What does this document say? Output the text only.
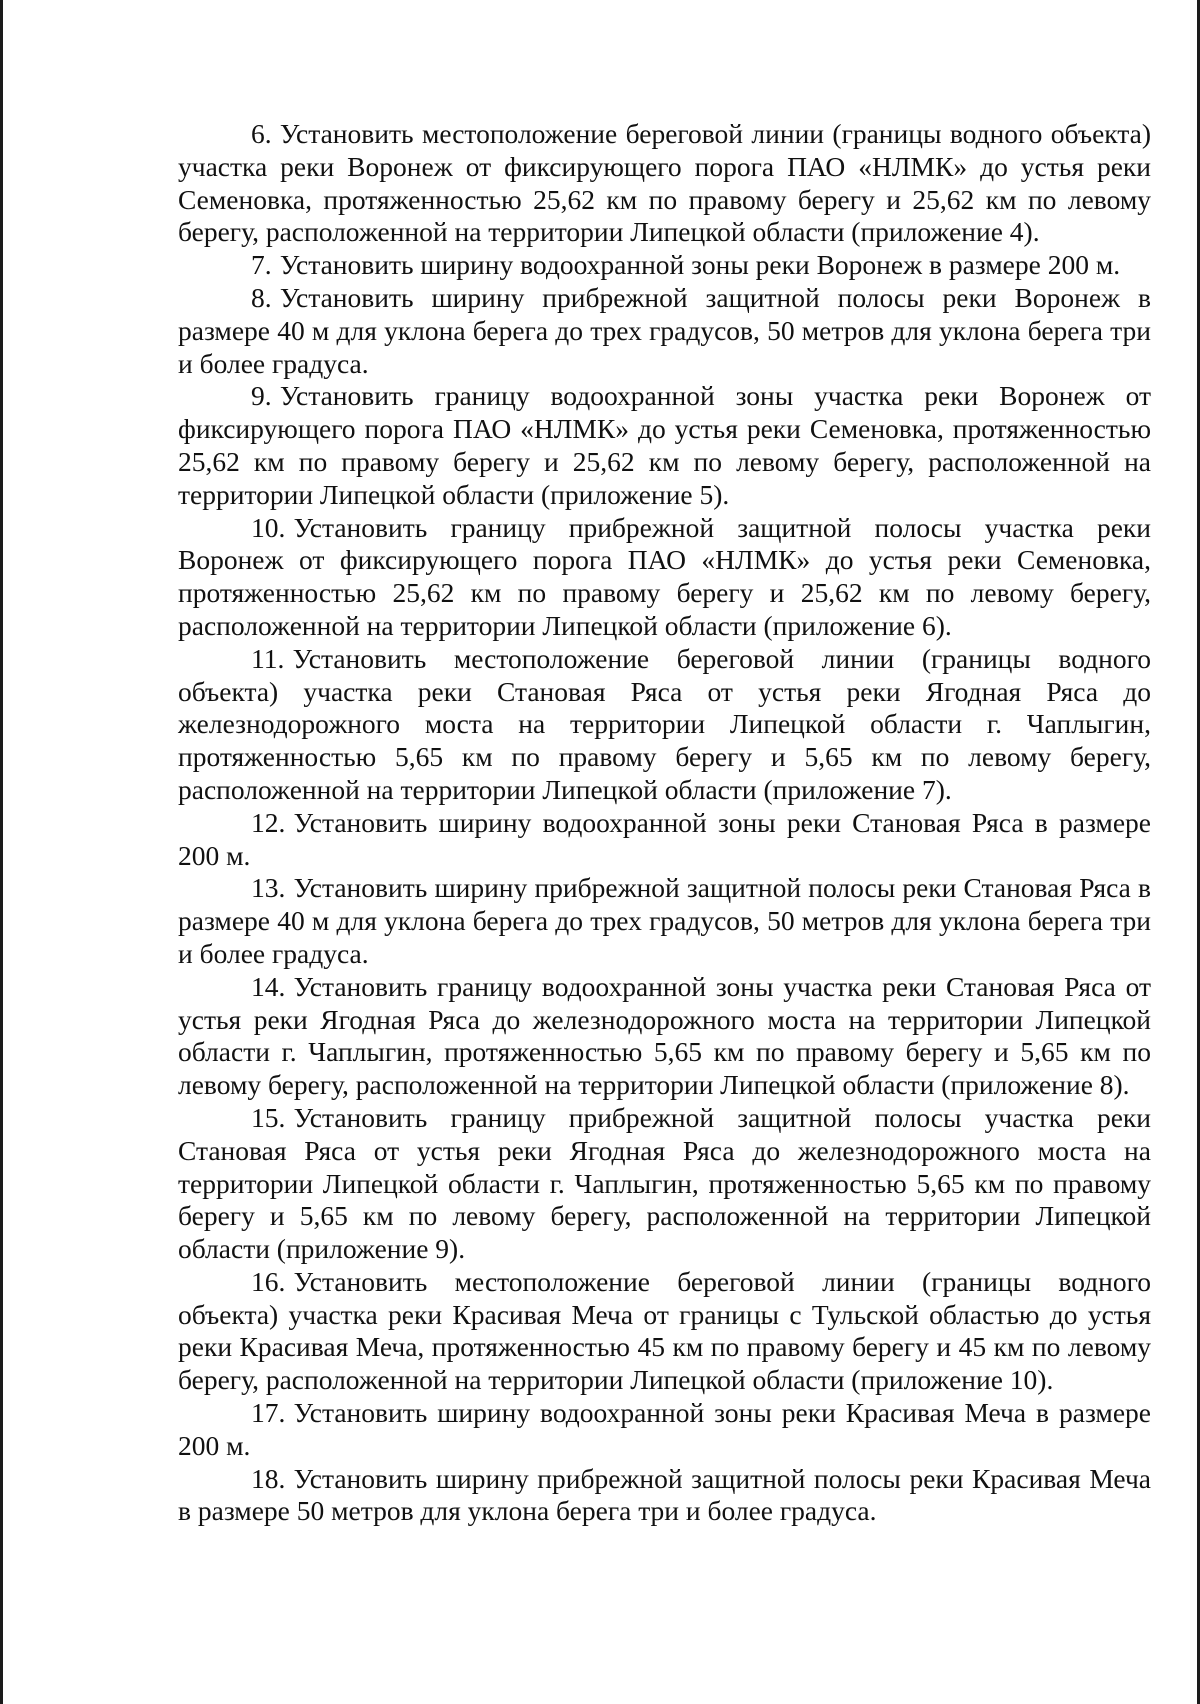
6. Установить местоположение береговой линии (границы водного объекта) участка реки Воронеж от фиксирующего порога ПАО «НЛМК» до устья реки Семеновка, протяженностью 25,62 км по правому берегу и 25,62 км по левому берегу, расположенной на территории Липецкой области (приложение 4).

7. Установить ширину водоохранной зоны реки Воронеж в размере 200 м.

8. Установить ширину прибрежной защитной полосы реки Воронеж в размере 40 м для уклона берега до трех градусов, 50 метров для уклона берега три и более градуса.

9. Установить границу водоохранной зоны участка реки Воронеж от фиксирующего порога ПАО «НЛМК» до устья реки Семеновка, протяженностью 25,62 км по правому берегу и 25,62 км по левому берегу, расположенной на территории Липецкой области (приложение 5).

10. Установить границу прибрежной защитной полосы участка реки Воронеж от фиксирующего порога ПАО «НЛМК» до устья реки Семеновка, протяженностью 25,62 км по правому берегу и 25,62 км по левому берегу, расположенной на территории Липецкой области (приложение 6).

11. Установить местоположение береговой линии (границы водного объекта) участка реки Становая Ряса от устья реки Ягодная Ряса до железнодорожного моста на территории Липецкой области г. Чаплыгин, протяженностью 5,65 км по правому берегу и 5,65 км по левому берегу, расположенной на территории Липецкой области (приложение 7).

12. Установить ширину водоохранной зоны реки Становая Ряса в размере 200 м.

13. Установить ширину прибрежной защитной полосы реки Становая Ряса в размере 40 м для уклона берега до трех градусов, 50 метров для уклона берега три и более градуса.

14. Установить границу водоохранной зоны участка реки Становая Ряса от устья реки Ягодная Ряса до железнодорожного моста на территории Липецкой области г. Чаплыгин, протяженностью 5,65 км по правому берегу и 5,65 км по левому берегу, расположенной на территории Липецкой области (приложение 8).

15. Установить границу прибрежной защитной полосы участка реки Становая Ряса от устья реки Ягодная Ряса до железнодорожного моста на территории Липецкой области г. Чаплыгин, протяженностью 5,65 км по правому берегу и 5,65 км по левому берегу, расположенной на территории Липецкой области (приложение 9).

16. Установить местоположение береговой линии (границы водного объекта) участка реки Красивая Меча от границы с Тульской областью до устья реки Красивая Меча, протяженностью 45 км по правому берегу и 45 км по левому берегу, расположенной на территории Липецкой области (приложение 10).

17. Установить ширину водоохранной зоны реки Красивая Меча в размере 200 м.

18. Установить ширину прибрежной защитной полосы реки Красивая Меча в размере 50 метров для уклона берега три и более градуса.
